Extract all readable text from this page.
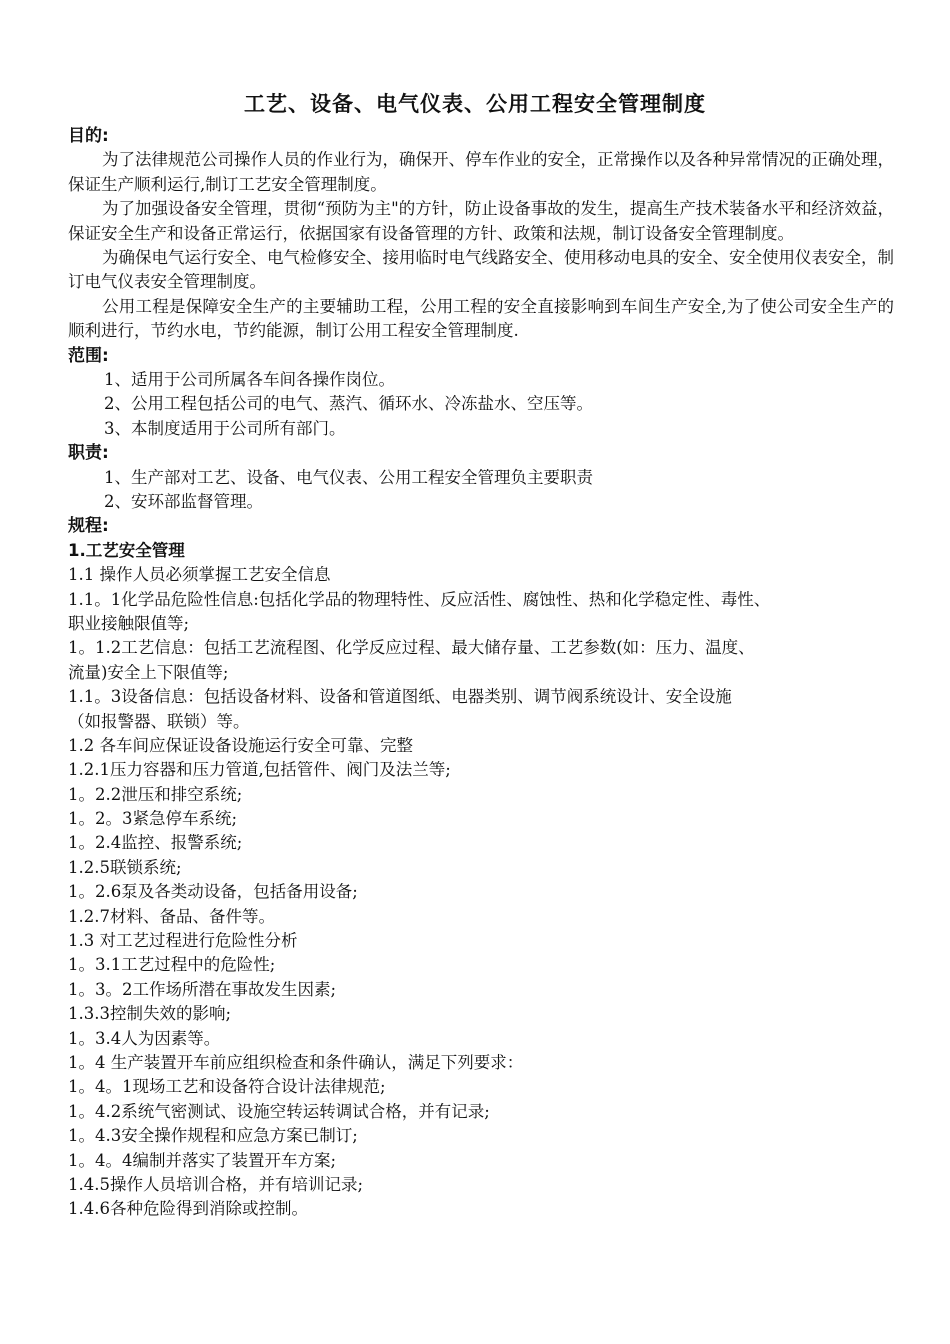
工艺、设备、电气仪表、公用工程安全管理制度
目的:
为了法律规范公司操作人员的作业行为，确保开、停车作业的安全，正常操作以及各种异常情况的正确处理，保证生产顺利运行,制订工艺安全管理制度。
为了加强设备安全管理，贯彻“预防为主"的方针，防止设备事故的发生，提高生产技术装备水平和经济效益，保证安全生产和设备正常运行，依据国家有设备管理的方针、政策和法规，制订设备安全管理制度。
为确保电气运行安全、电气检修安全、接用临时电气线路安全、使用移动电具的安全、安全使用仪表安全，制订电气仪表安全管理制度。
公用工程是保障安全生产的主要辅助工程，公用工程的安全直接影响到车间生产安全,为了使公司安全生产的顺利进行，节约水电，节约能源，制订公用工程安全管理制度.
范围:
1、适用于公司所属各车间各操作岗位。
2、公用工程包括公司的电气、蒸汽、循环水、冷冻盐水、空压等。
3、本制度适用于公司所有部门。
职责:
1、生产部对工艺、设备、电气仪表、公用工程安全管理负主要职责
2、安环部监督管理。
规程:
1.工艺安全管理
1.1 操作人员必须掌握工艺安全信息
1.1。1化学品危险性信息:包括化学品的物理特性、反应活性、腐蚀性、热和化学稳定性、毒性、
职业接触限值等;
1。1.2工艺信息：包括工艺流程图、化学反应过程、最大储存量、工艺参数(如：压力、温度、
流量)安全上下限值等;
1.1。3设备信息：包括设备材料、设备和管道图纸、电器类别、调节阀系统设计、安全设施
（如报警器、联锁）等。
1.2 各车间应保证设备设施运行安全可靠、完整
1.2.1压力容器和压力管道,包括管件、阀门及法兰等;
1。2.2泄压和排空系统;
1。2。3紧急停车系统;
1。2.4监控、报警系统;
1.2.5联锁系统;
1。2.6泵及各类动设备，包括备用设备;
1.2.7材料、备品、备件等。
1.3 对工艺过程进行危险性分析
1。3.1工艺过程中的危险性;
1。3。2工作场所潜在事故发生因素;
1.3.3控制失效的影响;
1。3.4人为因素等。
1。4 生产装置开车前应组织检查和条件确认，满足下列要求：
1。4。1现场工艺和设备符合设计法律规范;
1。4.2系统气密测试、设施空转运转调试合格，并有记录;
1。4.3安全操作规程和应急方案已制订;
1。4。4编制并落实了装置开车方案;
1.4.5操作人员培训合格，并有培训记录;
1.4.6各种危险得到消除或控制。
